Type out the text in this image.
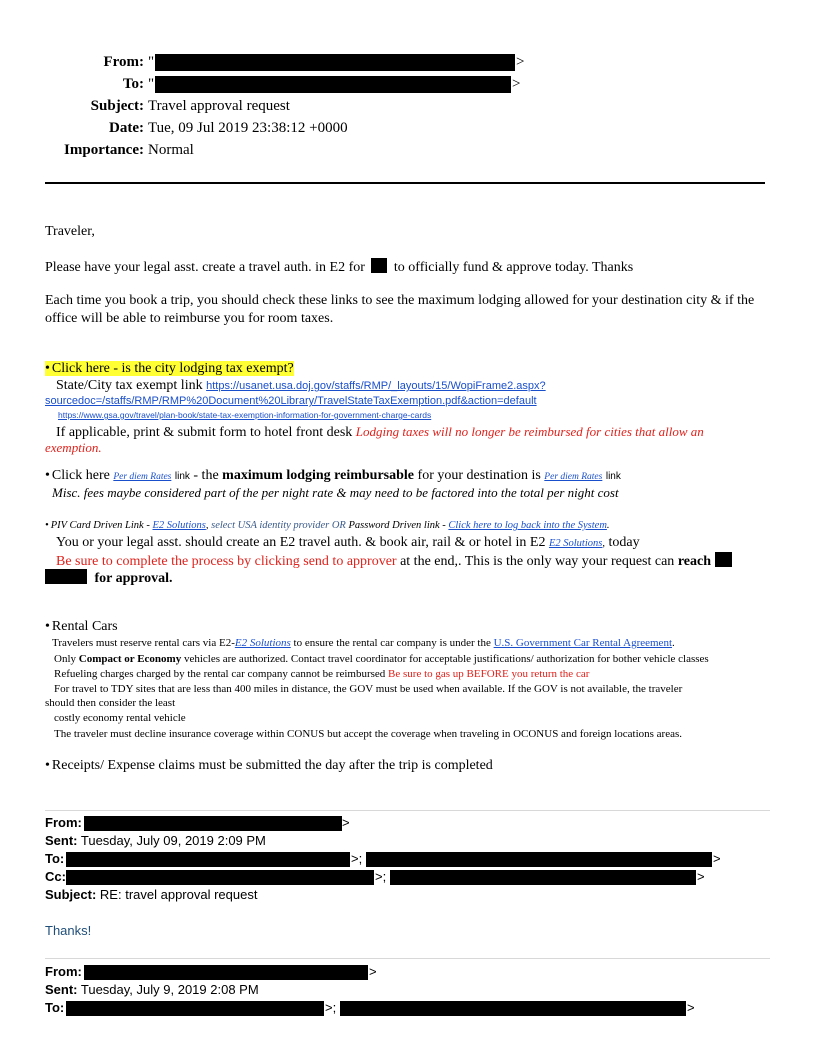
From: "	>
To: "	>
Subject: Travel approval request
Date: Tue, 09 Jul 2019 23:38:12 +0000
Importance: Normal
Traveler,
Please have your legal asst. create a travel auth. in E2 for to officially fund & approve today. Thanks
Each time you book a trip, you should check these links to see the maximum lodging allowed for your destination city & if the office will be able to reimburse you for room taxes.
• Click here - is the city lodging tax exempt?
State/City tax exempt link https://usanet.usa.doj.gov/staffs/RMP/_layouts/15/WopiFrame2.aspx?
sourcedoc=/staffs/RMP/RMP%20Document%20Library/TravelStateTaxExemption.pdf&action=default
https://www.gsa.gov/travel/plan-book/state-tax-exemption-information-for-government-charge-cards
If applicable, print & submit form to hotel front desk Lodging taxes will no longer be reimbursed for cities that allow an
exemption.
• Click here Per diem Rates link - the maximum lodging reimbursable for your destination is Per diem Rates link
Misc. fees maybe considered part of the per night rate & may need to be factored into the total per night cost
• PIV Card Driven Link - E2 Solutions, select USA identity provider OR Password Driven link - Click here to log back into the System.
You or your legal asst. should create an E2 travel auth. & book air, rail & or hotel in E2 E2 Solutions, today
Be sure to complete the process by clicking send to approver at the end,. This is the only way your request can reach
for approval.
• Rental Cars
Travelers must reserve rental cars via E2-E2 Solutions to ensure the rental car company is under the U.S. Government Car Rental Agreement.
Only Compact or Economy vehicles are authorized. Contact travel coordinator for acceptable justifications/ authorization for bother vehicle classes
Refueling charges charged by the rental car company cannot be reimbursed Be sure to gas up BEFORE you return the car
For travel to TDY sites that are less than 400 miles in distance, the GOV must be used when available. If the GOV is not available, the traveler
should then consider the least
costly economy rental vehicle
The traveler must decline insurance coverage within CONUS but accept the coverage when traveling in OCONUS and foreign locations areas.
• Receipts/ Expense claims must be submitted the day after the trip is completed
From:	>
Sent: Tuesday, July 09, 2019 2:09 PM
To:	>;	>
Cc:	>;	>
Subject: RE: travel approval request
Thanks!
From:	>
Sent: Tuesday, July 9, 2019 2:08 PM
To:	>;	>
